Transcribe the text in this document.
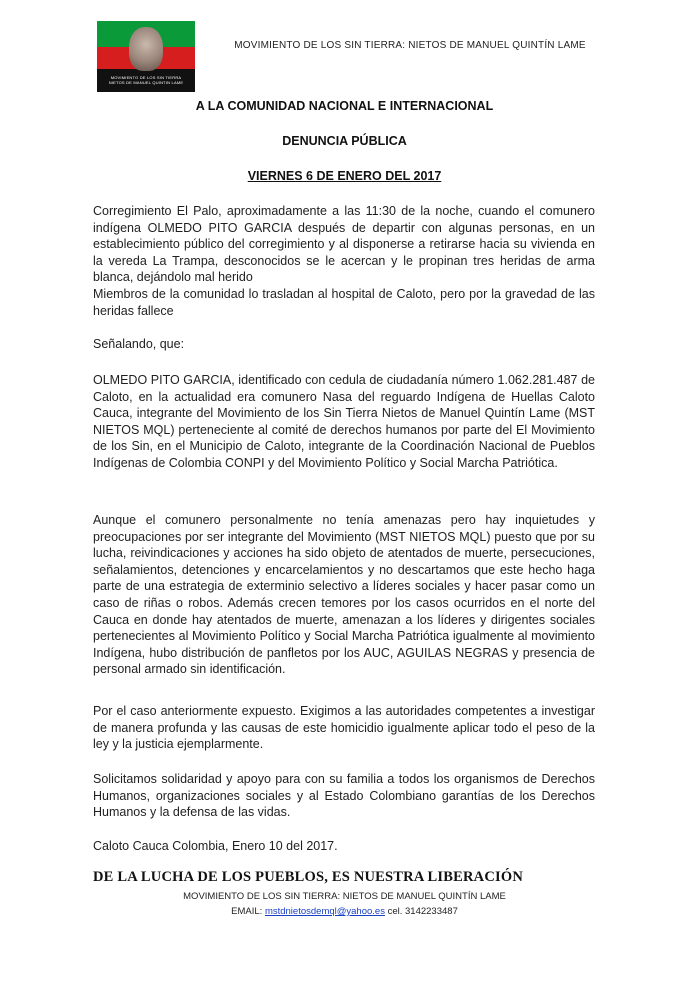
MOVIMIENTO DE LOS SIN TIERRA
NIETOS DE MANUEL QUINTIN LAME
MOVIMIENTO DE LOS SIN TIERRA: NIETOS DE MANUEL QUINTÍN LAME
A LA COMUNIDAD NACIONAL E INTERNACIONAL
DENUNCIA PÚBLICA
VIERNES 6 DE ENERO DEL 2017

Corregimiento El Palo, aproximadamente a las 11:30 de la noche, cuando el comunero indígena OLMEDO PITO GARCIA después de departir con algunas personas, en un establecimiento público del corregimiento y al disponerse a retirarse hacia su vivienda en la vereda La Trampa, desconocidos se le acercan y le propinan tres heridas de arma blanca, dejándolo mal herido

Miembros de la comunidad lo trasladan al hospital de Caloto, pero por la gravedad de las heridas fallece

Señalando, que:
OLMEDO PITO GARCIA, identificado con cedula de ciudadanía número 1.062.281.487 de Caloto, en la actualidad era comunero Nasa del reguardo Indígena de Huellas Caloto Cauca, integrante del Movimiento de los Sin Tierra Nietos de Manuel Quintín Lame (MST NIETOS MQL) perteneciente al comité de derechos humanos por parte del El Movimiento de los Sin, en el Municipio de Caloto, integrante de la Coordinación Nacional de Pueblos Indígenas de Colombia CONPI y del Movimiento Político y Social Marcha Patriótica.
Aunque el comunero personalmente no tenía amenazas pero hay inquietudes y preocupaciones por ser integrante del Movimiento (MST NIETOS MQL) puesto que por su lucha, reivindicaciones y acciones ha sido objeto de atentados de muerte, persecuciones, señalamientos, detenciones y encarcelamientos y no descartamos que este hecho haga parte de una estrategia de exterminio selectivo a líderes sociales y hacer pasar como un caso de riñas o robos. Además crecen temores por los casos ocurridos en el norte del Cauca en donde hay atentados de muerte, amenazan a los líderes y dirigentes sociales pertenecientes al Movimiento Político y Social Marcha Patriótica igualmente al movimiento Indígena, hubo distribución de panfletos por los AUC, AGUILAS NEGRAS y presencia de personal armado sin identificación.
Por el caso anteriormente expuesto. Exigimos a las autoridades competentes a investigar de manera profunda y las causas de este homicidio igualmente aplicar todo el peso de la ley y la justicia ejemplarmente.
Solicitamos solidaridad y apoyo para con su familia a todos los organismos de Derechos Humanos, organizaciones sociales y al Estado Colombiano garantías de los Derechos Humanos y la defensa de las vidas.
Caloto Cauca Colombia, Enero 10 del 2017.
DE LA LUCHA DE LOS PUEBLOS, ES NUESTRA LIBERACIÓN
MOVIMIENTO DE LOS SIN TIERRA: NIETOS DE MANUEL QUINTÍN LAME
EMAIL: mstdnietosdemql@yahoo.es cel. 3142233487
